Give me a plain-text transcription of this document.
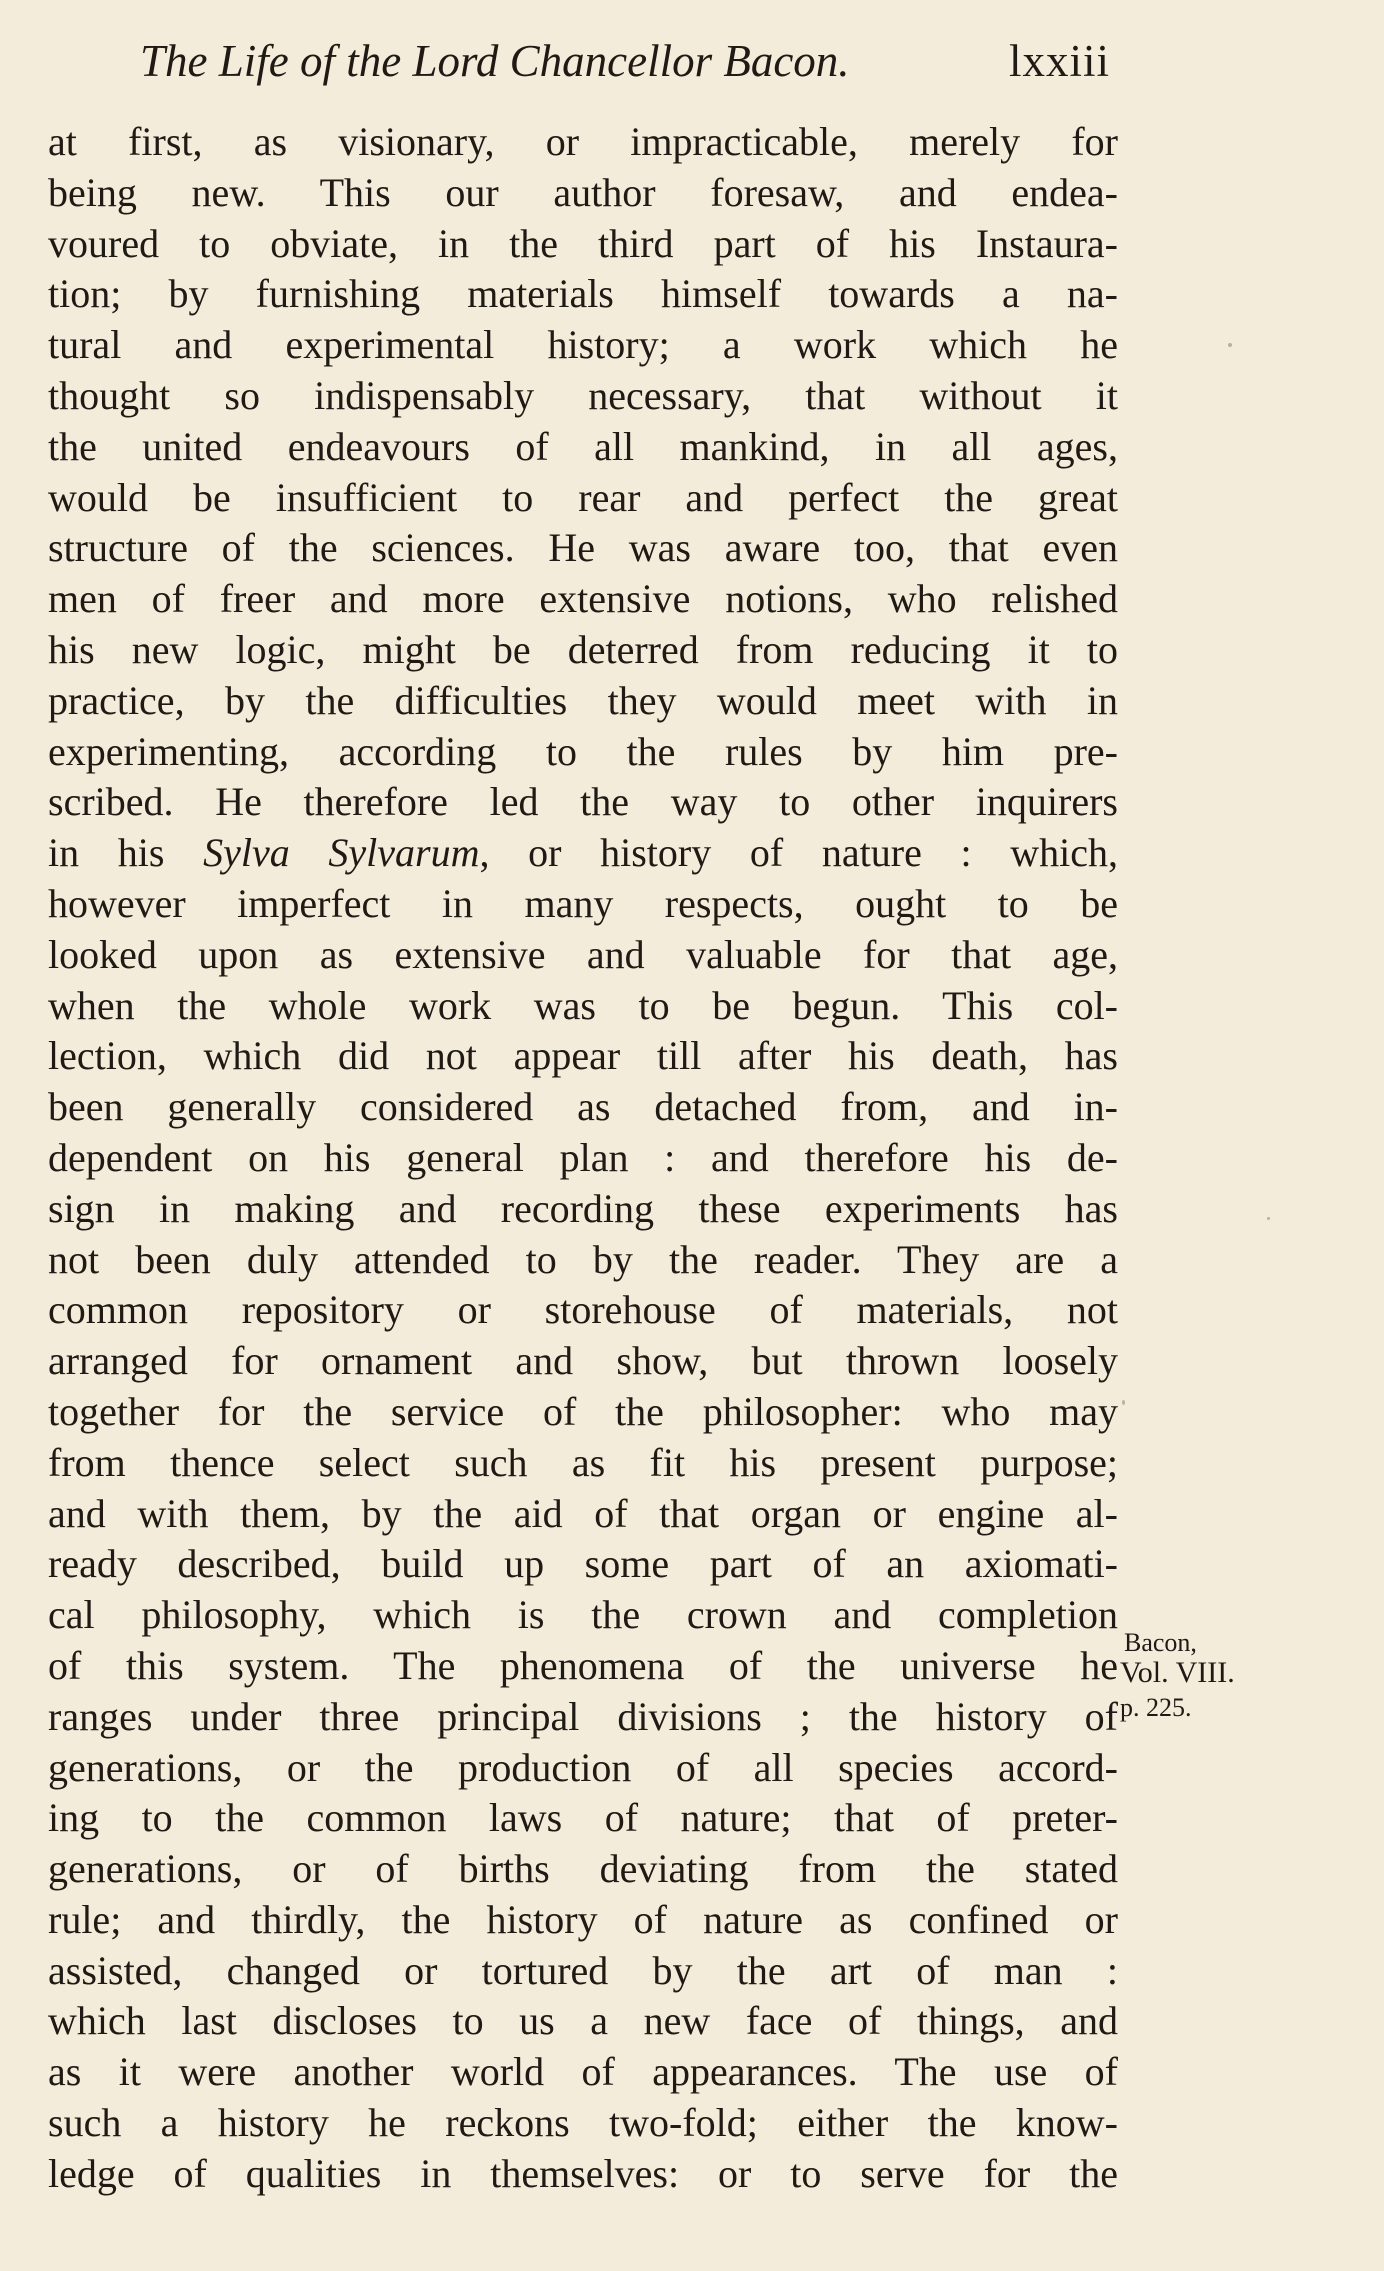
The Life of the Lord Chancellor Bacon.	lxxiii
at first, as visionary, or impracticable, merely for
being new. This our author foresaw, and endea-
voured to obviate, in the third part of his Instaura-
tion; by furnishing materials himself towards a na-
tural and experimental history; a work which he
thought so indispensably necessary, that without it
the united endeavours of all mankind, in all ages,
would be insufficient to rear and perfect the great
structure of the sciences. He was aware too, that even
men of freer and more extensive notions, who relished
his new logic, might be deterred from reducing it to
practice, by the difficulties they would meet with in
experimenting, according to the rules by him pre-
scribed. He therefore led the way to other inquirers
in his Sylva Sylvarum, or history of nature : which,
however imperfect in many respects, ought to be
looked upon as extensive and valuable for that age,
when the whole work was to be begun. This col-
lection, which did not appear till after his death, has
been generally considered as detached from, and in-
dependent on his general plan : and therefore his de-
sign in making and recording these experiments has
not been duly attended to by the reader. They are a
common repository or storehouse of materials, not
arranged for ornament and show, but thrown loosely
together for the service of the philosopher: who may
from thence select such as fit his present purpose;
and with them, by the aid of that organ or engine al-
ready described, build up some part of an axiomati-
cal philosophy, which is the crown and completion
of this system. The phenomena of the universe he
ranges under three principal divisions ; the history of
generations, or the production of all species accord-
ing to the common laws of nature; that of preter-
generations, or of births deviating from the stated
rule; and thirdly, the history of nature as confined or
assisted, changed or tortured by the art of man :
which last discloses to us a new face of things, and
as it were another world of appearances. The use of
such a history he reckons two-fold; either the know-
ledge of qualities in themselves: or to serve for the
Bacon,
Vol. VIII.
p. 225.
